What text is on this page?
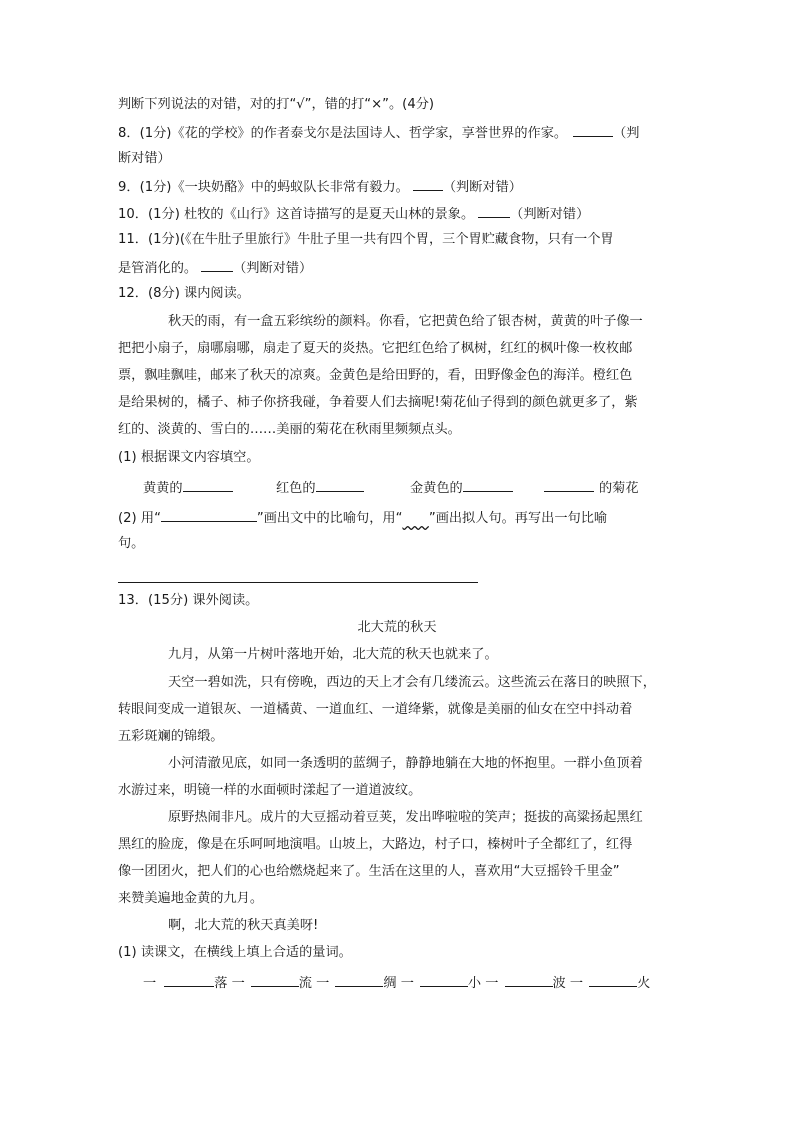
判断下列说法的对错，对的打“√”，错的打“×”。(4分)
8．(1分)《花的学校》的作者泰戈尔是法国诗人、哲学家，享誉世界的作家。	（判
断对错）
9．(1分)《一块奶酪》中的蚂蚁队长非常有毅力。	（判断对错）
10．(1分) 杜牧的《山行》这首诗描写的是夏天山林的景象。	（判断对错）
11．(1分)(《在牛肚子里旅行》牛肚子里一共有四个胃，三个胃贮藏食物，只有一个胃
是管消化的。	（判断对错）
12．(8分) 课内阅读。
秋天的雨，有一盒五彩缤纷的颜料。你看，它把黄色给了银杏树，黄黄的叶子像一
把把小扇子，扇哪扇哪，扇走了夏天的炎热。它把红色给了枫树，红红的枫叶像一枚枚邮
票，飘哇飘哇，邮来了秋天的凉爽。金黄色是给田野的，看，田野像金色的海洋。橙红色
是给果树的，橘子、柿子你挤我碰，争着要人们去摘呢!菊花仙子得到的颜色就更多了，紫
红的、淡黄的、雪白的……美丽的菊花在秋雨里频频点头。
(1) 根据课文内容填空。
黄黄的	红色的	金黄色的	的菊花
(2) 用“	”画出文中的比喻句，用“ ”画出拟人句。再写出一句比喻
句。
13．(15分) 课外阅读。
北大荒的秋天
九月，从第一片树叶落地开始，北大荒的秋天也就来了。
天空一碧如洗，只有傍晚，西边的天上才会有几缕流云。这些流云在落日的映照下，
转眼间变成一道银灰、一道橘黄、一道血红、一道绛紫，就像是美丽的仙女在空中抖动着
五彩斑斓的锦缎。
小河清澈见底，如同一条透明的蓝绸子，静静地躺在大地的怀抱里。一群小鱼顶着
水游过来，明镜一样的水面顿时漾起了一道道波纹。
原野热闹非凡。成片的大豆摇动着豆荚，发出哗啦啦的笑声；挺拔的高粱扬起黑红
黑红的脸庞，像是在乐呵呵地演唱。山坡上，大路边，村子口，榛树叶子全都红了，红得
像一团团火，把人们的心也给燃烧起来了。生活在这里的人，喜欢用“大豆摇铃千里金”
来赞美遍地金黄的九月。
啊，北大荒的秋天真美呀!
(1) 读课文，在横线上填上合适的量词。
一	落 一	流 一	绸 一	小 一	波 一	火
